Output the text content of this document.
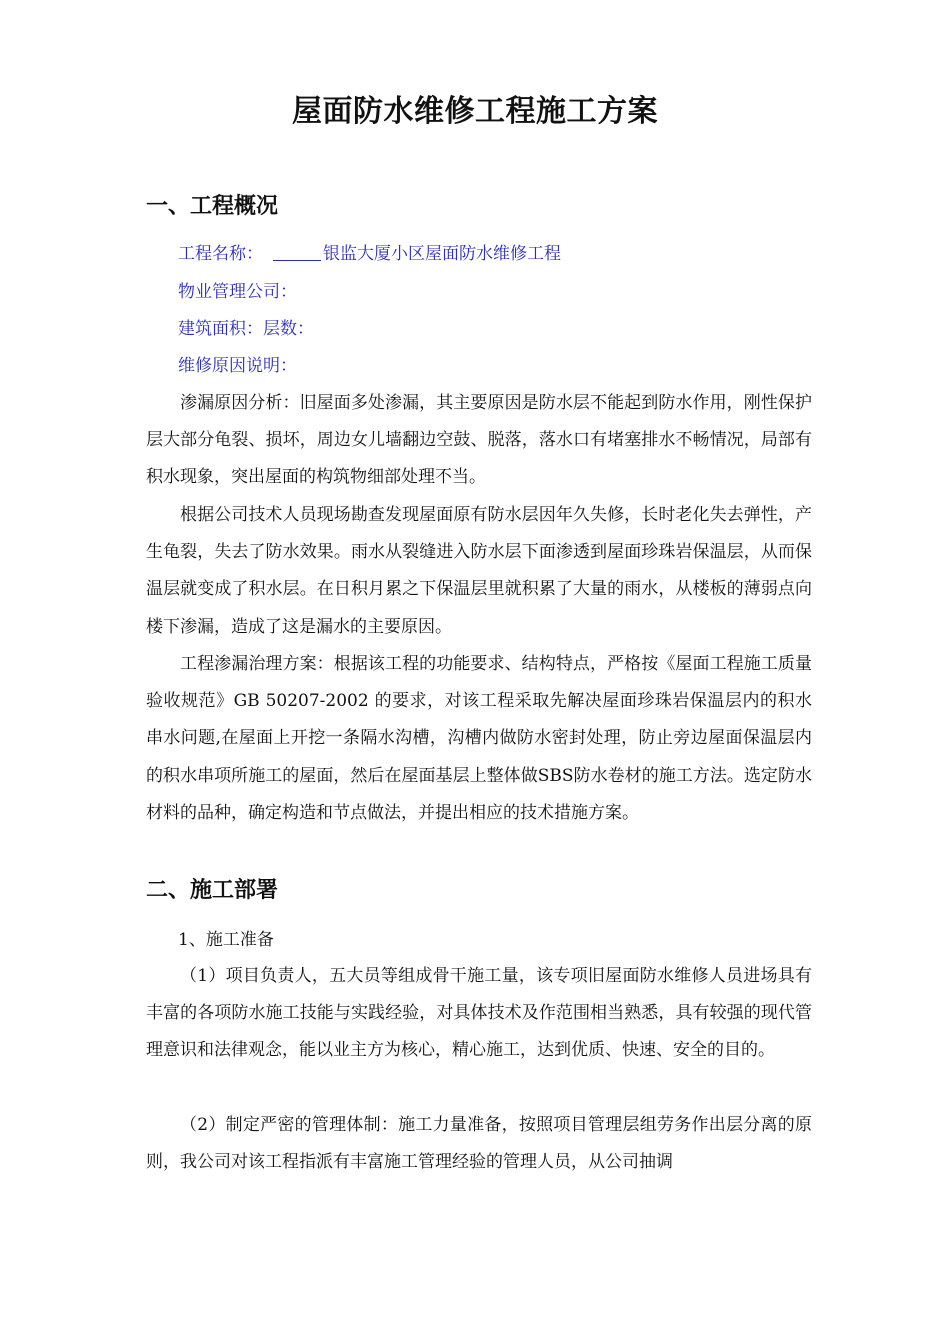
屋面防水维修工程施工方案
一、工程概况
工程名称：	银监大厦小区屋面防水维修工程
物业管理公司：
建筑面积：层数：
维修原因说明：
渗漏原因分析：旧屋面多处渗漏，其主要原因是防水层不能起到防水作用，刚性保护层大部分龟裂、损坏，周边女儿墙翻边空鼓、脱落，落水口有堵塞排水不畅情况，局部有积水现象，突出屋面的构筑物细部处理不当。
根据公司技术人员现场勘查发现屋面原有防水层因年久失修，长时老化失去弹性，产生龟裂，失去了防水效果。雨水从裂缝进入防水层下面渗透到屋面珍珠岩保温层，从而保温层就变成了积水层。在日积月累之下保温层里就积累了大量的雨水，从楼板的薄弱点向楼下渗漏，造成了这是漏水的主要原因。
工程渗漏治理方案：根据该工程的功能要求、结构特点，严格按《屋面工程施工质量验收规范》GB 50207-2002 的要求，对该工程采取先解决屋面珍珠岩保温层内的积水串水问题,在屋面上开挖一条隔水沟槽，沟槽内做防水密封处理，防止旁边屋面保温层内的积水串项所施工的屋面，然后在屋面基层上整体做SBS防水卷材的施工方法。选定防水材料的品种，确定构造和节点做法，并提出相应的技术措施方案。
二、施工部署
1、施工准备
（1）项目负责人，五大员等组成骨干施工量，该专项旧屋面防水维修人员进场具有丰富的各项防水施工技能与实践经验，对具体技术及作范围相当熟悉，具有较强的现代管理意识和法律观念，能以业主方为核心，精心施工，达到优质、快速、安全的目的。
（2）制定严密的管理体制：施工力量准备，按照项目管理层组劳务作出层分离的原则，我公司对该工程指派有丰富施工管理经验的管理人员，从公司抽调
